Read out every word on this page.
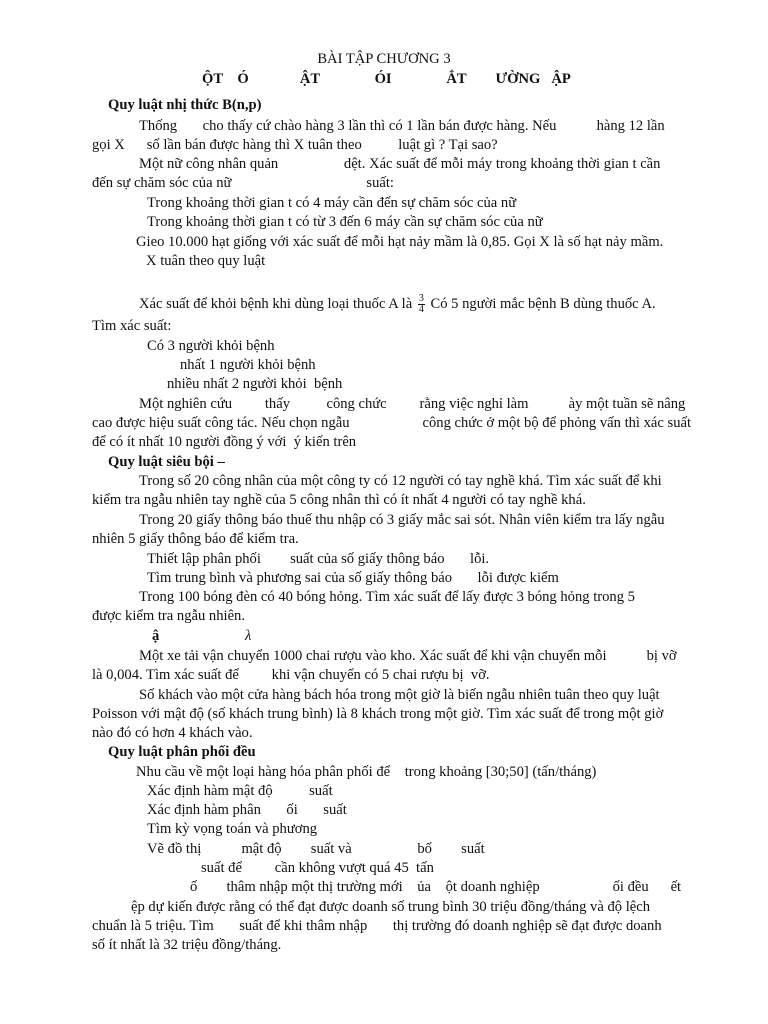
BÀI TẬP CHƯƠNG 3
ỘT    Ó              ẬT               ÓI               ẮT        ƯỜNG   ẬP
Quy luật nhị thức B(n,p)
Thống       cho thấy cứ chào hàng 3 lần thì có 1 lần bán được hàng. Nếu           hàng 12 lần
gọi X      số lần bán được hàng thì X tuân theo          luật gì ? Tại sao?
Một nữ công nhân quản                  dệt. Xác suất để mỗi máy trong khoảng thời gian t cần
đến sự chăm sóc của nữ                                     suất:
Trong khoảng thời gian t có 4 máy cần đến sự chăm sóc của nữ
Trong khoảng thời gian t có từ 3 đến 6 máy cần sự chăm sóc của nữ
Gieo 10.000 hạt giống với xác suất để mỗi hạt nảy mầm là 0,85. Gọi X là số hạt nảy mầm.
X tuân theo quy luật
Xác suất để khỏi bệnh khi dùng loại thuốc A là $\frac{3}{4}$ Có 5 người mắc bệnh B dùng thuốc A.
Tìm xác suất:
Có 3 người khỏi bệnh
nhất 1 người khỏi bệnh
nhiều nhất 2 người khỏi  bệnh
Một nghiên cứu         thấy          công chức         rằng việc nghỉ làm           ày một tuần sẽ nâng
cao được hiệu suất công tác. Nếu chọn ngẫu                    công chức ở một bộ để phỏng vấn thì xác suất
để có ít nhất 10 người đồng ý với  ý kiến trên
Quy luật siêu bội –
Trong số 20 công nhân của một công ty có 12 người có tay nghề khá. Tìm xác suất để khi
kiểm tra ngẫu nhiên tay nghề của 5 công nhân thì có ít nhất 4 người có tay nghề khá.
Trong 20 giấy thông báo thuế thu nhập có 3 giấy mắc sai sót. Nhân viên kiểm tra lấy ngẫu
nhiên 5 giấy thông báo để kiểm tra.
Thiết lập phân phối        suất của số giấy thông báo       lỗi.
Tìm trung bình và phương sai của số giấy thông báo       lỗi được kiểm
Trong 100 bóng đèn có 40 bóng hỏng. Tìm xác suất để lấy được 3 bóng hỏng trong 5
được kiểm tra ngẫu nhiên.
ậ	λ
Một xe tải vận chuyển 1000 chai rượu vào kho. Xác suất để khi vận chuyển mỗi           bị vỡ
là 0,004. Tìm xác suất để         khi vận chuyển có 5 chai rượu bị  vỡ.
Số khách vào một cửa hàng bách hóa trong một giờ là biến ngẫu nhiên tuân theo quy luật
Poisson với mật độ (số khách trung bình) là 8 khách trong một giờ. Tìm xác suất để trong một giờ
nào đó có hơn 4 khách vào.
Quy luật phân phối đều
Nhu cầu về một loại hàng hóa phân phối để    trong khoảng [30;50] (tấn/tháng)
Xác định hàm mật độ          suất
Xác định hàm phân       ối       suất
Tìm kỳ vọng toán và phương
Vẽ đồ thị           mật độ        suất và                  bố        suất
suất để         cần không vượt quá 45  tấn
ố        thâm nhập một thị trường mới    ủa    ột doanh nghiệp                    ối đều      ết
ệp dự kiến được rằng có thể đạt được doanh số trung bình 30 triệu đồng/tháng và độ lệch
chuẩn là 5 triệu. Tìm       suất để khi thâm nhập       thị trường đó doanh nghiệp sẽ đạt được doanh
số ít nhất là 32 triệu đồng/tháng.
